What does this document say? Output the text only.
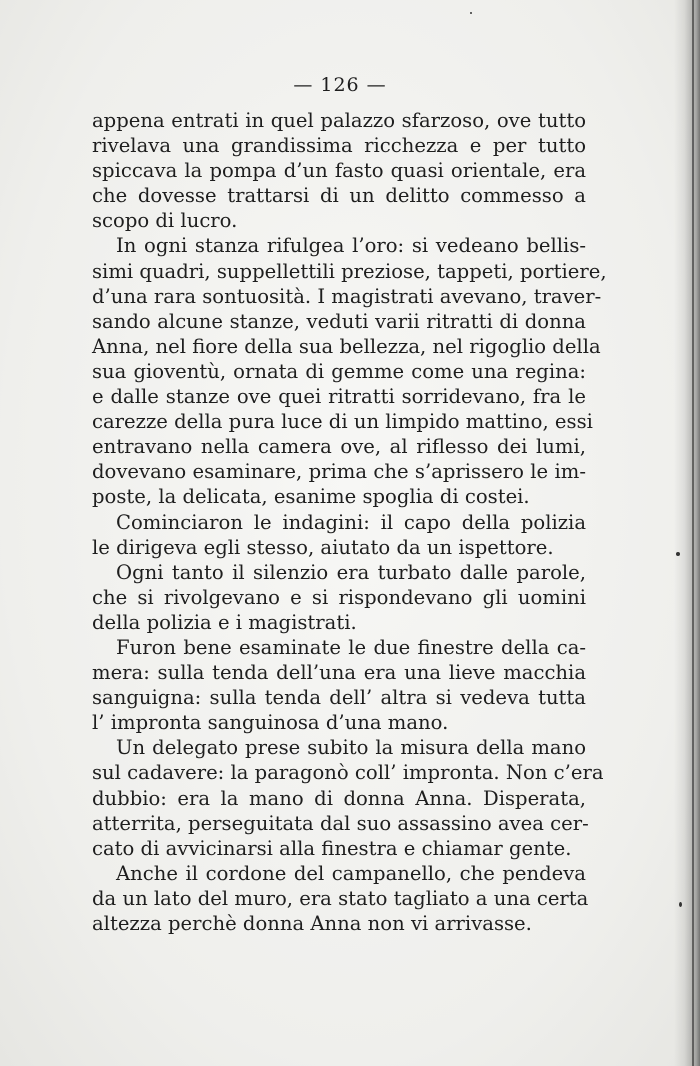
— 126 —
appena entrati in quel palazzo sfarzoso, ove tutto
rivelava una grandissima ricchezza e per tutto
spiccava la pompa d’un fasto quasi orientale, era
che dovesse trattarsi di un delitto commesso a
scopo di lucro.
In ogni stanza rifulgea l’oro: si vedeano bellis-
simi quadri, suppellettili preziose, tappeti, portiere,
d’una rara sontuosità. I magistrati avevano, traver-
sando alcune stanze, veduti varii ritratti di donna
Anna, nel fiore della sua bellezza, nel rigoglio della
sua gioventù, ornata di gemme come una regina:
e dalle stanze ove quei ritratti sorridevano, fra le
carezze della pura luce di un limpido mattino, essi
entravano nella camera ove, al riflesso dei lumi,
dovevano esaminare, prima che s’aprissero le im-
poste, la delicata, esanime spoglia di costei.
Cominciaron le indagini: il capo della polizia
le dirigeva egli stesso, aiutato da un ispettore.
Ogni tanto il silenzio era turbato dalle parole,
che si rivolgevano e si rispondevano gli uomini
della polizia e i magistrati.
Furon bene esaminate le due finestre della ca-
mera: sulla tenda dell’una era una lieve macchia
sanguigna: sulla tenda dell’ altra si vedeva tutta
l’ impronta sanguinosa d’una mano.
Un delegato prese subito la misura della mano
sul cadavere: la paragonò coll’ impronta. Non c’era
dubbio: era la mano di donna Anna. Disperata,
atterrita, perseguitata dal suo assassino avea cer-
cato di avvicinarsi alla finestra e chiamar gente.
Anche il cordone del campanello, che pendeva
da un lato del muro, era stato tagliato a una certa
altezza perchè donna Anna non vi arrivasse.
